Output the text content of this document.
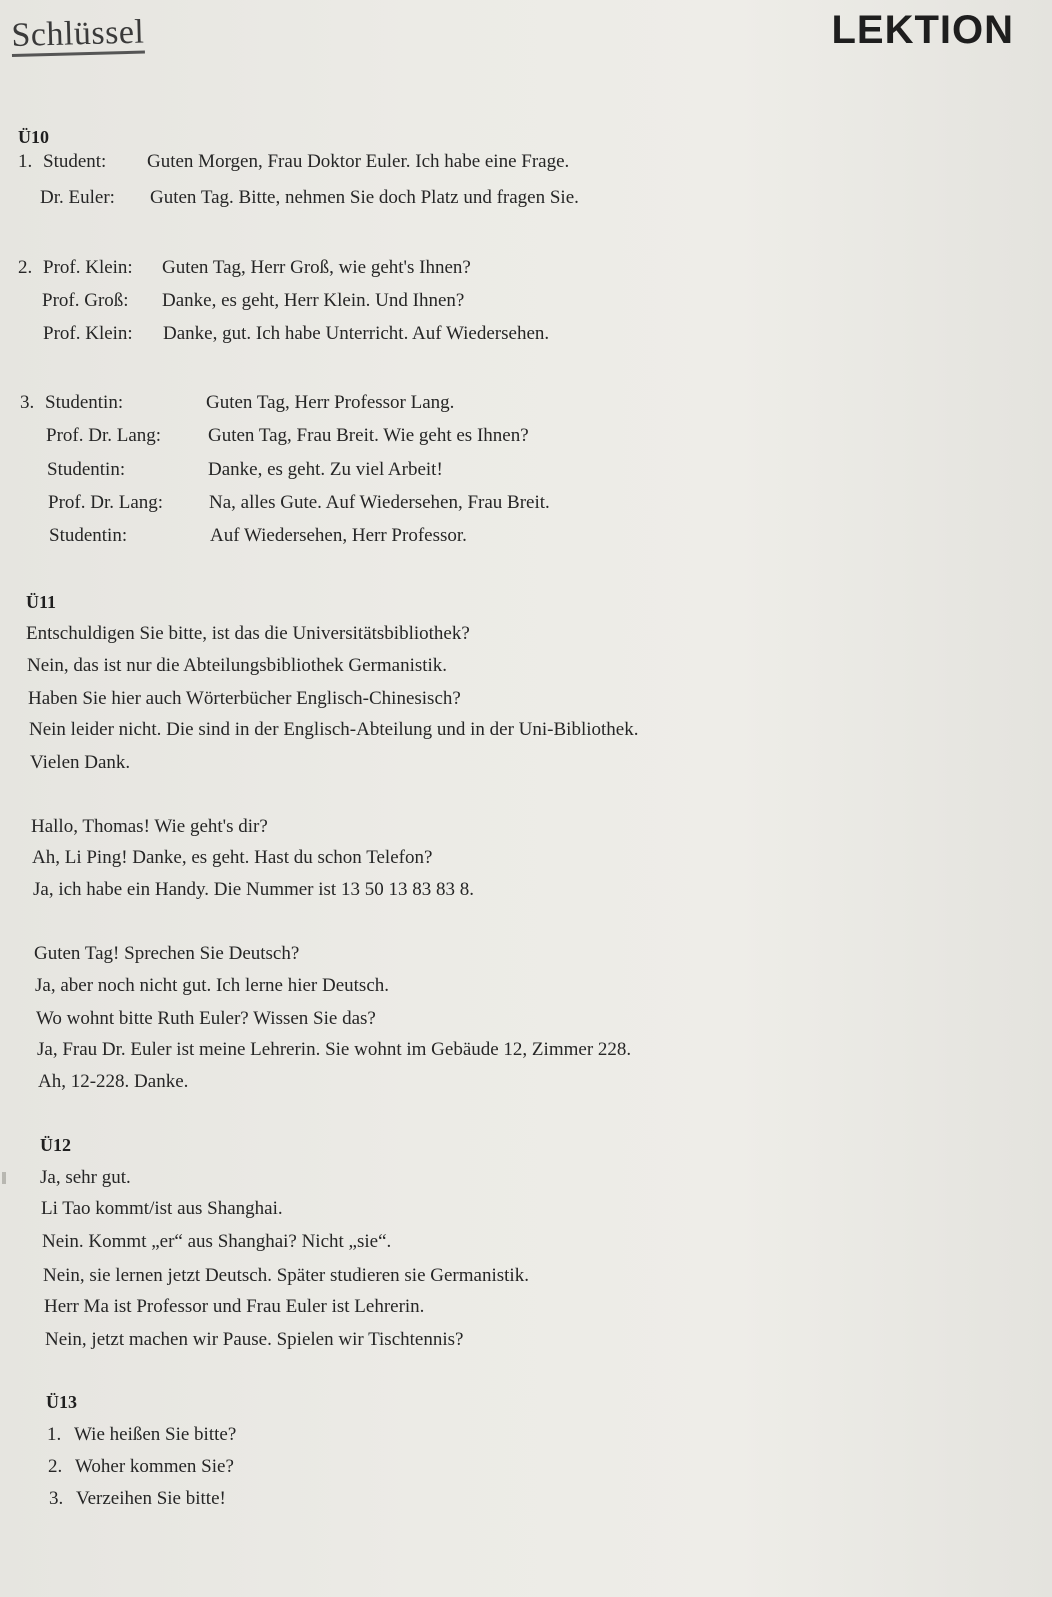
Schlüssel	LEKTION
Ü10
1. Student: Guten Morgen, Frau Doktor Euler. Ich habe eine Frage.
Dr. Euler: Guten Tag. Bitte, nehmen Sie doch Platz und fragen Sie.
2. Prof. Klein: Guten Tag, Herr Groß, wie geht's Ihnen?
Prof. Groß: Danke, es geht, Herr Klein. Und Ihnen?
Prof. Klein: Danke, gut. Ich habe Unterricht. Auf Wiedersehen.
3. Studentin:	Guten Tag, Herr Professor Lang.
Prof. Dr. Lang: Guten Tag, Frau Breit. Wie geht es Ihnen?
Studentin:	Danke, es geht. Zu viel Arbeit!
Prof. Dr. Lang: Na, alles Gute. Auf Wiedersehen, Frau Breit.
Studentin:	Auf Wiedersehen, Herr Professor.
Ü11
Entschuldigen Sie bitte, ist das die Universitätsbibliothek?
Nein, das ist nur die Abteilungsbibliothek Germanistik.
Haben Sie hier auch Wörterbücher Englisch-Chinesisch?
Nein leider nicht. Die sind in der Englisch-Abteilung und in der Uni-Bibliothek.
Vielen Dank.
Hallo, Thomas! Wie geht's dir?
Ah, Li Ping! Danke, es geht. Hast du schon Telefon?
Ja, ich habe ein Handy. Die Nummer ist 13 50 13 83 83 8.
Guten Tag! Sprechen Sie Deutsch?
Ja, aber noch nicht gut. Ich lerne hier Deutsch.
Wo wohnt bitte Ruth Euler? Wissen Sie das?
Ja, Frau Dr. Euler ist meine Lehrerin. Sie wohnt im Gebäude 12, Zimmer 228.
Ah, 12-228. Danke.
Ü12
Ja, sehr gut.
Li Tao kommt/ist aus Shanghai.
Nein. Kommt „er“ aus Shanghai? Nicht „sie“.
Nein, sie lernen jetzt Deutsch. Später studieren sie Germanistik.
Herr Ma ist Professor und Frau Euler ist Lehrerin.
Nein, jetzt machen wir Pause. Spielen wir Tischtennis?
Ü13
1. Wie heißen Sie bitte?
2. Woher kommen Sie?
3. Verzeihen Sie bitte!
